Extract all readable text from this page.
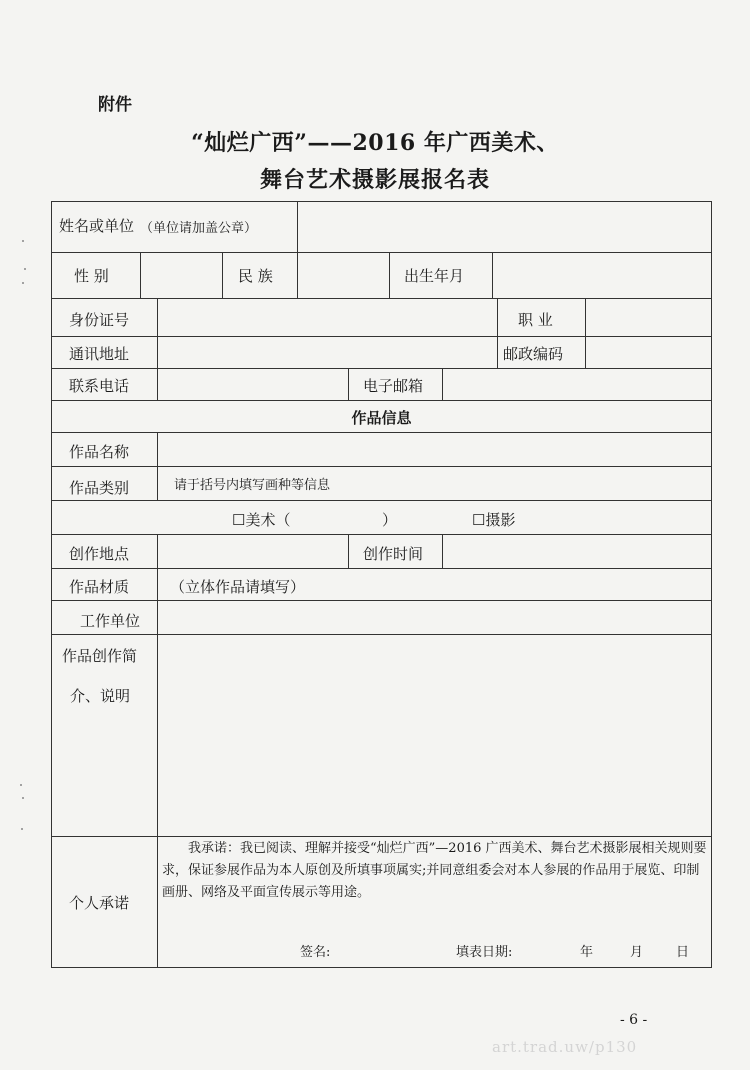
附件
“灿烂广西”——2016 年广西美术、
舞台艺术摄影展报名表
姓名或单位 （单位请加盖公章）
性 别	民 族	出生年月
身份证号	职 业
通讯地址	邮政编码
联系电话	电子邮箱
作品信息
作品名称
作品类别	请于括号内填写画种等信息
☐美术（	）	☐摄影
创作地点	创作时间
作品材质	（立体作品请填写）
工作单位
作品创作简
介、说明
个人承诺
我承诺：我已阅读、理解并接受“灿烂广西”—2016 广西美术、舞台艺术摄影展相关规则要求，保证参展作品为本人原创及所填事项属实;并同意组委会对本人参展的作品用于展览、印制画册、网络及平面宣传展示等用途。
签名:	填表日期:	年	月	日
- 6 -
art.trad.uw/p130
